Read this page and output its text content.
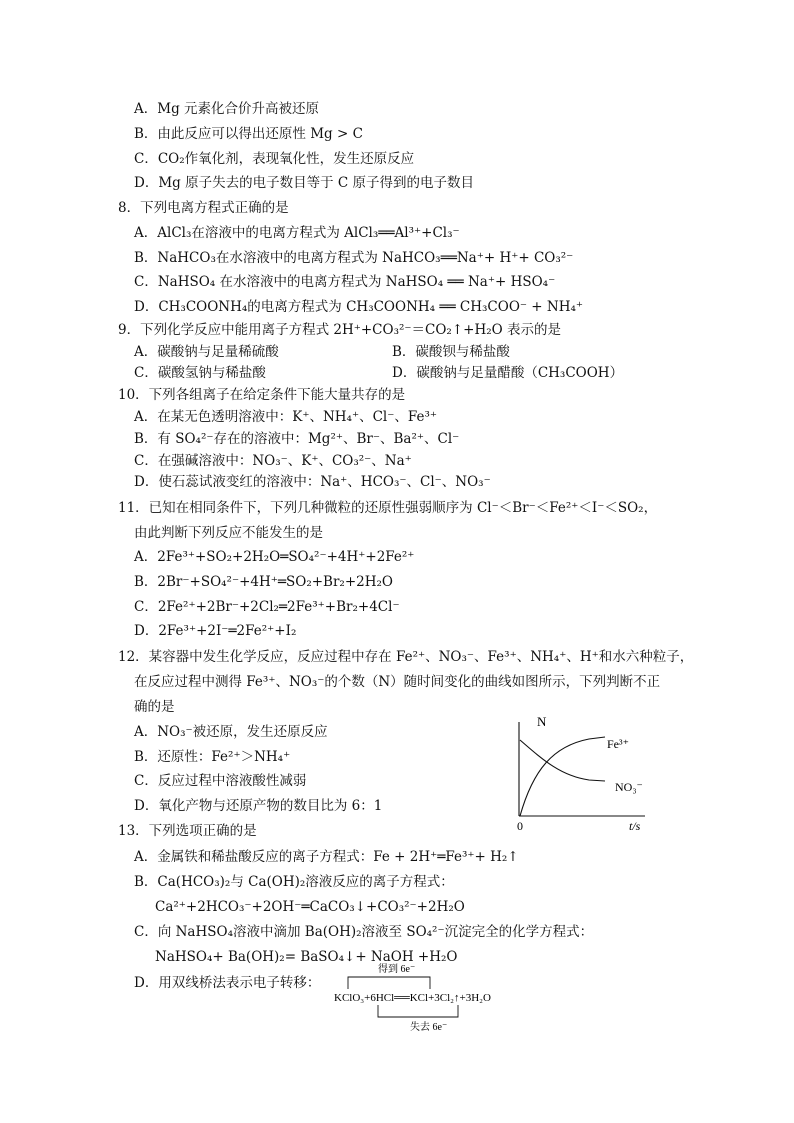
A．Mg 元素化合价升高被还原
B．由此反应可以得出还原性 Mg > C
C．CO₂作氧化剂，表现氧化性，发生还原反应
D．Mg 原子失去的电子数目等于 C 原子得到的电子数目
8．下列电离方程式正确的是
A．AlCl₃在溶液中的电离方程式为 AlCl₃══Al³⁺+Cl₃⁻
B．NaHCO₃在水溶液中的电离方程式为 NaHCO₃══Na⁺+ H⁺+ CO₃²⁻
C．NaHSO₄ 在水溶液中的电离方程式为 NaHSO₄ ══ Na⁺+ HSO₄⁻
D．CH₃COONH₄的电离方程式为 CH₃COONH₄ ══ CH₃COO⁻ + NH₄⁺
9．下列化学反应中能用离子方程式 2H⁺+CO₃²⁻＝CO₂↑+H₂O 表示的是
A．碳酸钠与足量稀硫酸	B．碳酸钡与稀盐酸
C．碳酸氢钠与稀盐酸	D．碳酸钠与足量醋酸（CH₃COOH）
10．下列各组离子在给定条件下能大量共存的是
A．在某无色透明溶液中：K⁺、NH₄⁺、Cl⁻、Fe³⁺
B．有 SO₄²⁻存在的溶液中：Mg²⁺、Br⁻、Ba²⁺、Cl⁻
C．在强碱溶液中：NO₃⁻、K⁺、CO₃²⁻、Na⁺
D．使石蕊试液变红的溶液中：Na⁺、HCO₃⁻、Cl⁻、NO₃⁻
11．已知在相同条件下，下列几种微粒的还原性强弱顺序为 Cl⁻＜Br⁻＜Fe²⁺＜I⁻＜SO₂，
由此判断下列反应不能发生的是
A．2Fe³⁺+SO₂+2H₂O═SO₄²⁻+4H⁺+2Fe²⁺
B．2Br⁻+SO₄²⁻+4H⁺═SO₂+Br₂+2H₂O
C．2Fe²⁺+2Br⁻+2Cl₂═2Fe³⁺+Br₂+4Cl⁻
D．2Fe³⁺+2I⁻═2Fe²⁺+I₂
12．某容器中发生化学反应，反应过程中存在 Fe²⁺、NO₃⁻、Fe³⁺、NH₄⁺、H⁺和水六种粒子，
在反应过程中测得 Fe³⁺、NO₃⁻的个数（N）随时间变化的曲线如图所示，下列判断不正
确的是
A．NO₃⁻被还原，发生还原反应
B．还原性：Fe²⁺＞NH₄⁺
C．反应过程中溶液酸性减弱
D．氧化产物与还原产物的数目比为 6：1
N
0	t/s
Fe³⁺
NO₃⁻
13．下列选项正确的是
A．金属铁和稀盐酸反应的离子方程式：Fe + 2H⁺═Fe³⁺+ H₂↑
B．Ca(HCO₃)₂与 Ca(OH)₂溶液反应的离子方程式：
Ca²⁺+2HCO₃⁻+2OH⁻═CaCO₃↓+CO₃²⁻+2H₂O
C．向 NaHSO₄溶液中滴加 Ba(OH)₂溶液至 SO₄²⁻沉淀完全的化学方程式：
NaHSO₄+ Ba(OH)₂= BaSO₄↓+ NaOH +H₂O
D．用双线桥法表示电子转移：
得到 6e⁻
KClO₃+6HCl══KCl+3Cl₂↑+3H₂O
失去 6e⁻
